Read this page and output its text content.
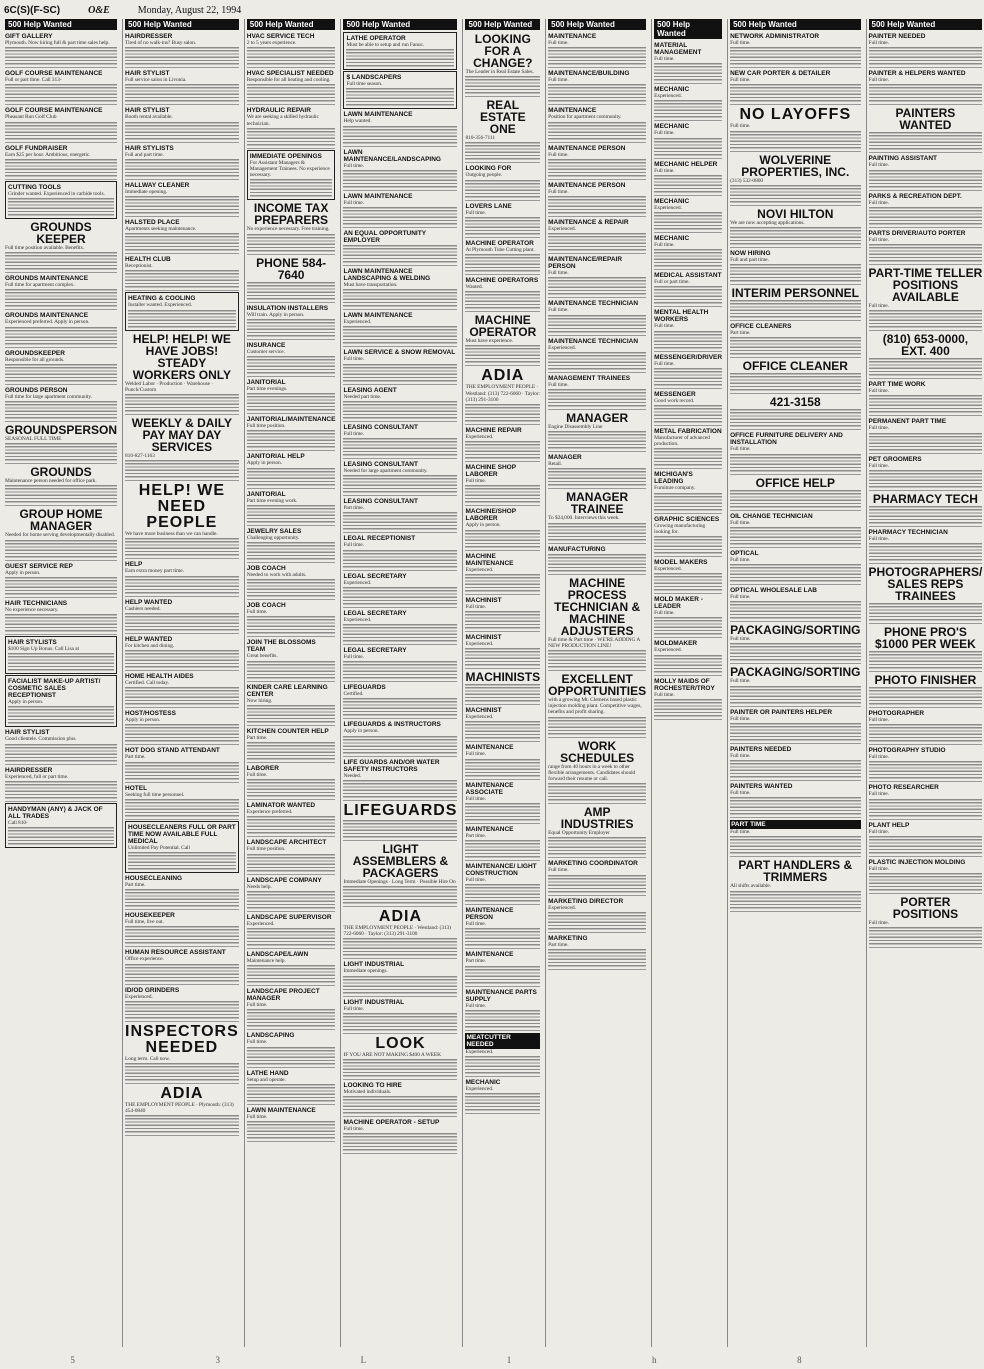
6C(S)(F-SC)	O&E	Monday, August 22, 1994
500 Help Wanted
GIFT GALLERY
Plymouth. Now hiring full & part time sales help.
GOLF COURSE MAINTENANCE
Full or part time. Call 313-
GOLF COURSE MAINTENANCE
Pheasant Run Golf Club
GOLF FUNDRAISER
Earn $25 per hour. Ambitious, energetic.
CUTTING TOOLS
Grinder wanted. Experienced in carbide tools.
GROUNDS KEEPER
Full time position available. Benefits.
GROUNDS MAINTENANCE
Full time for apartment complex.
GROUNDS MAINTENANCE
Experienced preferred. Apply in person.
GROUNDSKEEPER
Responsible for all grounds.
GROUNDS PERSON
Full time for large apartment community.
GROUNDSPERSON
SEASONAL FULL TIME
GROUNDS
Maintenance person needed for office park.
GROUP HOME MANAGER
Needed for home serving developmentally disabled.
GUEST SERVICE REP
Apply in person.
HAIR TECHNICIANS
No experience necessary.
HAIR STYLISTS
$100 Sign Up Bonus. Call Lisa at
FACIALIST MAKE-UP ARTIST/ COSMETIC SALES RECEPTIONIST
Apply in person.
HAIR STYLIST
Good clientele. Commission plus.
HAIRDRESSER
Experienced, full or part time.
HANDYMAN (ANY) & JACK OF ALL TRADES
Call 810-
500 Help Wanted
HAIRDRESSER
Tired of no walk-ins? Busy salon.
HAIR STYLIST
Full service salon in Livonia.
HAIR STYLIST
Booth rental available.
HAIR STYLISTS
Full and part time.
HALLWAY CLEANER
Immediate opening.
HALSTED PLACE
Apartments seeking maintenance.
HEALTH CLUB
Receptionist.
HEATING & COOLING
Installer wanted. Experienced.
HELP! HELP! WE HAVE JOBS! STEADY WORKERS ONLY
Welded Labor · Production · Warehouse · Punch/Custom
WEEKLY & DAILY PAY MAY DAY SERVICES
810-827-1163
HELP! WE NEED PEOPLE
We have more business than we can handle.
HELP
Earn extra money part time.
HELP WANTED
Cashiers needed.
HELP WANTED
For kitchen and dining.
HOME HEALTH AIDES
Certified. Call today.
HOST/HOSTESS
Apply in person.
HOT DOG STAND ATTENDANT
Part time.
HOTEL
Seeking full time personnel.
HOUSECLEANERS FULL OR PART TIME NOW AVAILABLE FULL MEDICAL
Unlimited Pay Potential. Call
HOUSECLEANING
Part time.
HOUSEKEEPER
Full time, live out.
HUMAN RESOURCE ASSISTANT
Office experience.
ID/OD GRINDERS
Experienced.
INSPECTORS NEEDED
Long term. Call now.
ADIA
THE EMPLOYMENT PEOPLE · Plymouth: (313) 454-0840
500 Help Wanted
HVAC SERVICE TECH
2 to 5 years experience.
HVAC SPECIALIST NEEDED
Responsible for all heating and cooling.
HYDRAULIC REPAIR
We are seeking a skilled hydraulic technician.
IMMEDIATE OPENINGS
For Assistant Managers & Management Trainees. No experience necessary.
INCOME TAX PREPARERS
No experience necessary. Free training.
PHONE 584-7640
INSULATION INSTALLERS
Will train. Apply in person.
INSURANCE
Customer service.
JANITORIAL
Part time evenings.
JANITORIAL/MAINTENANCE
Full time position.
JANITORIAL HELP
Apply in person.
JANITORIAL
Part time evening work.
JEWELRY SALES
Challenging opportunity.
JOB COACH
Needed to work with adults.
JOB COACH
Full time.
JOIN THE BLOSSOMS TEAM
Great benefits.
KINDER CARE LEARNING CENTER
Now hiring.
KITCHEN COUNTER HELP
Part time.
LABORER
Full time.
LAMINATOR WANTED
Experience preferred.
LANDSCAPE ARCHITECT
Full time position.
LANDSCAPE COMPANY
Needs help.
LANDSCAPE SUPERVISOR
Experienced.
LANDSCAPE/LAWN
Maintenance help.
LANDSCAPE PROJECT MANAGER
Full time.
LANDSCAPING
Full time.
LATHE HAND
Setup and operate.
LAWN MAINTENANCE
Full time.
500 Help Wanted
LATHE OPERATOR
Must be able to setup and run Fanuc.
$ LANDSCAPERS
Full time season.
LAWN MAINTENANCE
Help wanted.
LAWN MAINTENANCE/LANDSCAPING
Full time.
LAWN MAINTENANCE
Full time.
AN EQUAL OPPORTUNITY EMPLOYER
LAWN MAINTENANCE LANDSCAPING & WELDING
Must have transportation.
LAWN MAINTENANCE
Experienced.
LAWN SERVICE & SNOW REMOVAL
Full time.
LEASING AGENT
Needed part time.
LEASING CONSULTANT
Full time.
LEASING CONSULTANT
Needed for large apartment community.
LEASING CONSULTANT
Part time.
LEGAL RECEPTIONIST
Full time.
LEGAL SECRETARY
Experienced.
LEGAL SECRETARY
Experienced.
LEGAL SECRETARY
Full time.
LIFEGUARDS
Certified.
LIFEGUARDS & INSTRUCTORS
Apply in person.
LIFE GUARDS AND/OR WATER SAFETY INSTRUCTORS
Needed.
LIFEGUARDS
LIGHT ASSEMBLERS & PACKAGERS
Immediate Openings · Long Term · Possible Hire On
ADIA
THE EMPLOYMENT PEOPLE · Westland: (313) 722-6060 · Taylor: (313) 291-3100
LIGHT INDUSTRIAL
Immediate openings.
LIGHT INDUSTRIAL
Full time.
LOOK
IF YOU ARE NOT MAKING $400 A WEEK
LOOKING TO HIRE
Motivated individuals.
MACHINE OPERATOR - SETUP
Full time.
500 Help Wanted
LOOKING FOR A CHANGE?
The Leader in Real Estate Sales.
REAL ESTATE ONE
810-356-7111
LOOKING FOR
Outgoing people.
LOVERS LANE
Full time.
MACHINE OPERATOR
At Plymouth Tube Cutting plant.
MACHINE OPERATORS
Wanted.
MACHINE OPERATOR
Must have experience.
ADIA
THE EMPLOYMENT PEOPLE · Westland: (313) 722-6060 · Taylor: (313) 291-3100
MACHINE REPAIR
Experienced.
MACHINE SHOP LABORER
Full time.
MACHINE/SHOP LABORER
Apply in person.
MACHINE MAINTENANCE
Experienced.
MACHINIST
Full time.
MACHINIST
Experienced.
MACHINISTS
MACHINIST
Experienced.
MAINTENANCE
Full time.
MAINTENANCE ASSOCIATE
Full time.
MAINTENANCE
Part time.
MAINTENANCE/ LIGHT CONSTRUCTION
Full time.
MAINTENANCE PERSON
Full time.
MAINTENANCE
Part time.
MAINTENANCE PARTS SUPPLY
Full time.
MEATCUTTER NEEDED
Experienced.
MECHANIC
Experienced.
500 Help Wanted
MAINTENANCE
Full time.
MAINTENANCE/BUILDING
Full time.
MAINTENANCE
Position for apartment community.
MAINTENANCE PERSON
Full time.
MAINTENANCE PERSON
Full time.
MAINTENANCE & REPAIR
Experienced.
MAINTENANCE/REPAIR PERSON
Full time.
MAINTENANCE TECHNICIAN
Full time.
MAINTENANCE TECHNICIAN
Experienced.
MANAGEMENT TRAINEES
Full time.
MANAGER
Engine Disassembly Line
MANAGER
Retail.
MANAGER TRAINEE
To $24,000. Interviews this week.
MANUFACTURING
MACHINE PROCESS TECHNICIAN & MACHINE ADJUSTERS
Full time & Part time · WE'RE ADDING A NEW PRODUCTION LINE!
EXCELLENT OPPORTUNITIES
with a growing Mt. Clemens based plastic injection molding plant. Competitive wages, benefits and profit sharing.
WORK SCHEDULES
range from 40 hours in a week to other flexible arrangements. Candidates should forward their resume or call.
AMP INDUSTRIES
Equal Opportunity Employer
MARKETING COORDINATOR
Full time.
MARKETING DIRECTOR
Experienced.
MARKETING
Part time.
500 Help Wanted
MATERIAL MANAGEMENT
Full time.
MECHANIC
Experienced.
MECHANIC
Full time.
MECHANIC HELPER
Full time.
MECHANIC
Experienced.
MECHANIC
Full time.
MEDICAL ASSISTANT
Full or part time.
MENTAL HEALTH WORKERS
Full time.
MESSENGER/DRIVER
Full time.
MESSENGER
Good work record.
METAL FABRICATION
Manufacturer of advanced production.
MICHIGAN'S LEADING
Furniture company.
GRAPHIC SCIENCES
Growing manufacturing looking for.
MODEL MAKERS
Experienced.
MOLD MAKER - LEADER
Full time.
MOLDMAKER
Experienced.
MOLLY MAIDS OF ROCHESTER/TROY
Full time.
500 Help Wanted
NETWORK ADMINISTRATOR
Full time.
NEW CAR PORTER & DETAILER
Full time.
NO LAYOFFS
Full time.
WOLVERINE PROPERTIES, INC.
(313) 532-0800
NOVI HILTON
We are now accepting applications.
NOW HIRING
Full and part time.
INTERIM PERSONNEL
OFFICE CLEANERS
Part time.
OFFICE CLEANER
421-3158
OFFICE FURNITURE DELIVERY AND INSTALLATION
Full time.
OFFICE HELP
OIL CHANGE TECHNICIAN
Full time.
OPTICAL
Full time.
OPTICAL WHOLESALE LAB
Full time.
PACKAGING/SORTING
Full time.
PACKAGING/SORTING
Full time.
PAINTER OR PAINTERS HELPER
Full time.
PAINTERS NEEDED
Full time.
PAINTERS WANTED
Full time.
PART TIME
Full time.
PART HANDLERS & TRIMMERS
All shifts available.
500 Help Wanted
PAINTER NEEDED
Full time.
PAINTER & HELPERS WANTED
Full time.
PAINTERS WANTED
PAINTING ASSISTANT
Full time.
PARKS & RECREATION DEPT.
Full time.
PARTS DRIVER/AUTO PORTER
Full time.
PART-TIME TELLER POSITIONS AVAILABLE
Full time.
(810) 653-0000, EXT. 400
PART TIME WORK
Full time.
PERMANENT PART TIME
Full time.
PET GROOMERS
Full time.
PHARMACY TECH
PHARMACY TECHNICIAN
Full time.
PHOTOGRAPHERS/ SALES REPS TRAINEES
PHONE PRO'S $1000 PER WEEK
PHOTO FINISHER
PHOTOGRAPHER
Full time.
PHOTOGRAPHY STUDIO
Full time.
PHOTO RESEARCHER
Full time.
PLANT HELP
Full time.
PLASTIC INJECTION MOLDING
Full time.
PORTER POSITIONS
Full time.
5	3	L	1	h	8
